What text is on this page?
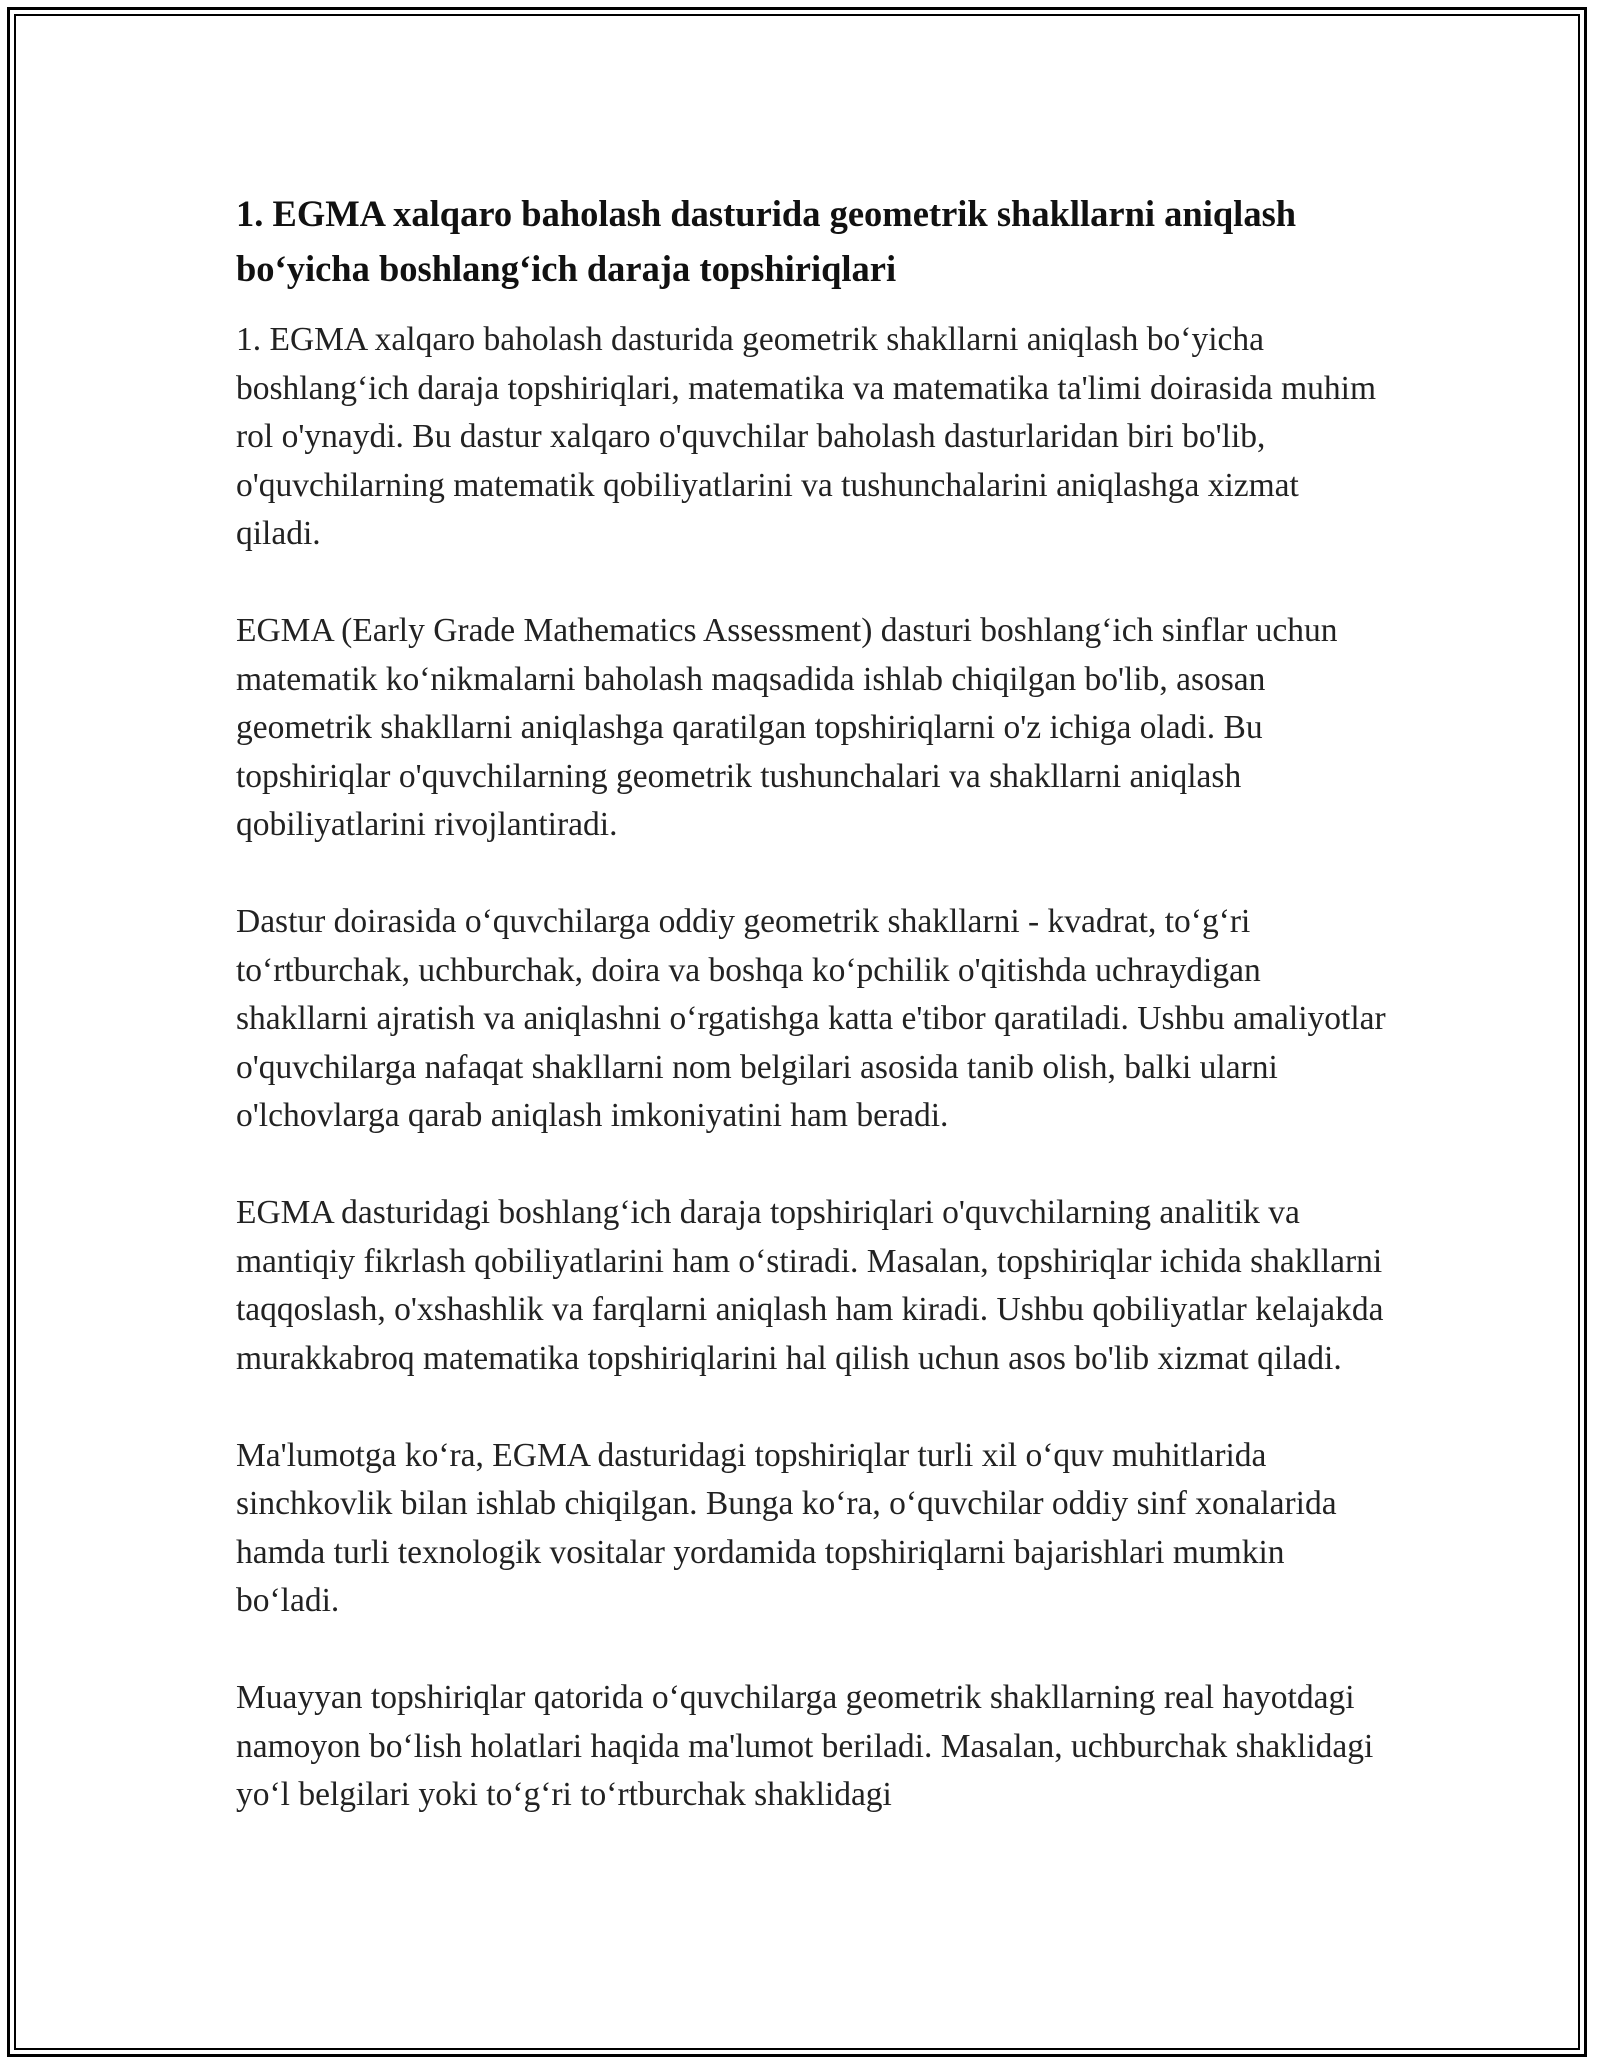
1. EGMA xalqaro baholash dasturida geometrik shakllarni aniqlash bo‘yicha boshlang‘ich daraja topshiriqlari

1. EGMA xalqaro baholash dasturida geometrik shakllarni aniqlash bo‘yicha boshlang‘ich daraja topshiriqlari, matematika va matematika ta'limi doirasida muhim rol o'ynaydi. Bu dastur xalqaro o'quvchilar baholash dasturlaridan biri bo'lib, o'quvchilarning matematik qobiliyatlarini va tushunchalarini aniqlashga xizmat qiladi.

EGMA (Early Grade Mathematics Assessment) dasturi boshlang‘ich sinflar uchun matematik ko‘nikmalarni baholash maqsadida ishlab chiqilgan bo'lib, asosan geometrik shakllarni aniqlashga qaratilgan topshiriqlarni o'z ichiga oladi. Bu topshiriqlar o'quvchilarning geometrik tushunchalari va shakllarni aniqlash qobiliyatlarini rivojlantiradi.

Dastur doirasida o‘quvchilarga oddiy geometrik shakllarni - kvadrat, to‘g‘ri to‘rtburchak, uchburchak, doira va boshqa ko‘pchilik o'qitishda uchraydigan shakllarni ajratish va aniqlashni o‘rgatishga katta e'tibor qaratiladi. Ushbu amaliyotlar o'quvchilarga nafaqat shakllarni nom belgilari asosida tanib olish, balki ularni o'lchovlarga qarab aniqlash imkoniyatini ham beradi.

EGMA dasturidagi boshlang‘ich daraja topshiriqlari o'quvchilarning analitik va mantiqiy fikrlash qobiliyatlarini ham o‘stiradi. Masalan, topshiriqlar ichida shakllarni taqqoslash, o'xshashlik va farqlarni aniqlash ham kiradi. Ushbu qobiliyatlar kelajakda murakkabroq matematika topshiriqlarini hal qilish uchun asos bo'lib xizmat qiladi.

Ma'lumotga ko‘ra, EGMA dasturidagi topshiriqlar turli xil o‘quv muhitlarida sinchkovlik bilan ishlab chiqilgan. Bunga ko‘ra, o‘quvchilar oddiy sinf xonalarida hamda turli texnologik vositalar yordamida topshiriqlarni bajarishlari mumkin bo‘ladi.

Muayyan topshiriqlar qatorida o‘quvchilarga geometrik shakllarning real hayotdagi namoyon bo‘lish holatlari haqida ma'lumot beriladi. Masalan, uchburchak shaklidagi yo‘l belgilari yoki to‘g‘ri to‘rtburchak shaklidagi
